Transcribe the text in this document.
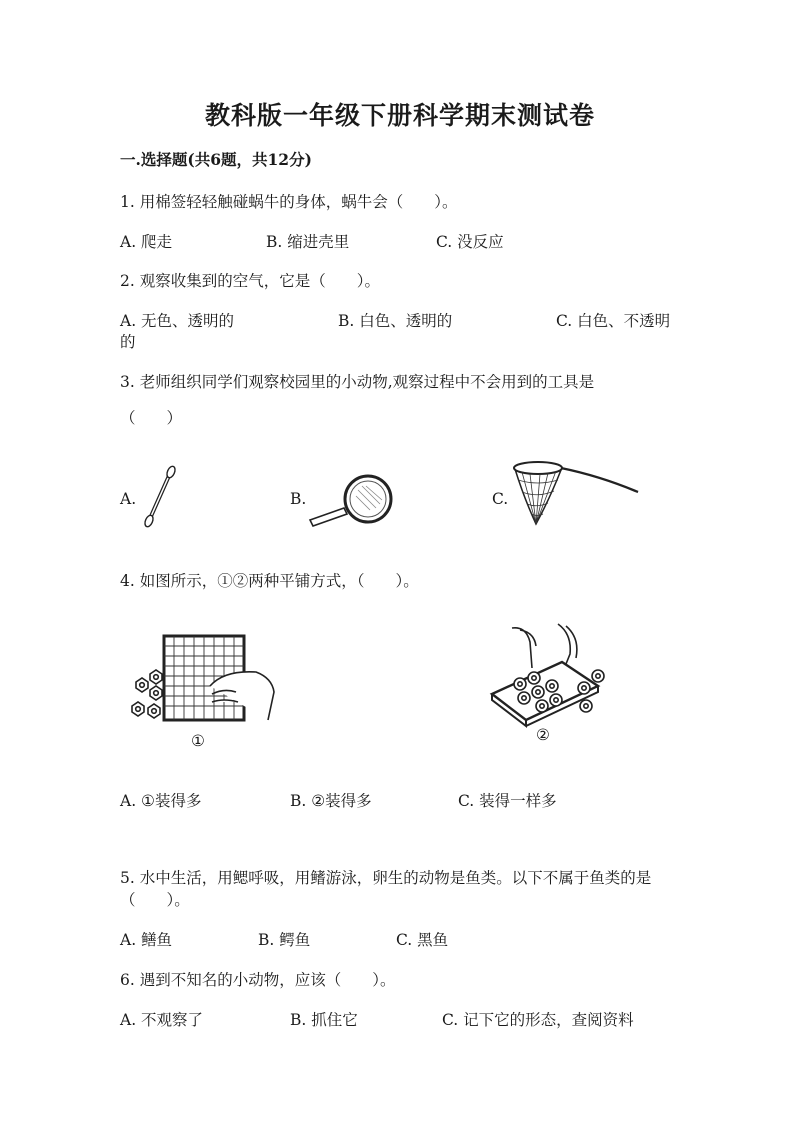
教科版一年级下册科学期末测试卷
一.选择题(共6题，共12分)
1. 用棉签轻轻触碰蜗牛的身体，蜗牛会（　　）。
A. 爬走	B. 缩进壳里	C. 没反应
2. 观察收集到的空气，它是（　　）。
A. 无色、透明的	B. 白色、透明的	C. 白色、不透明
的
3. 老师组织同学们观察校园里的小动物,观察过程中不会用到的工具是
（　　）
A.	B.	C.
4. 如图所示，①②两种平铺方式，（　　）。
①	②
A. ①装得多	B. ②装得多	C. 装得一样多
5. 水中生活，用鳃呼吸，用鳍游泳，卵生的动物是鱼类。以下不属于鱼类的是
（　　）。
A. 鳝鱼	B. 鳄鱼	C. 黑鱼
6. 遇到不知名的小动物，应该（　　）。
A. 不观察了	B. 抓住它	C. 记下它的形态，查阅资料
